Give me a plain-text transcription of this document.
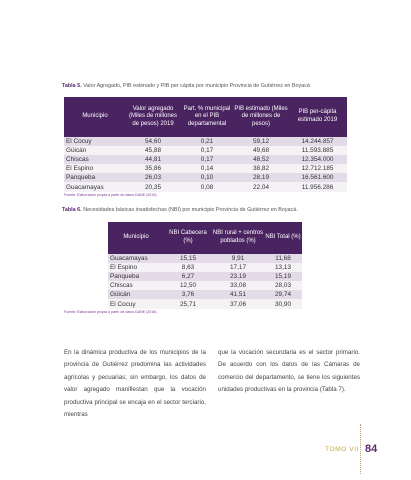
Tabla 5. Valor Agregado, PIB estimado y PIB per cápita por municipio Provincia de Gutiérrez en Boyacá
Municipio	Valor agregado (Miles de millones de pesos) 2019	Part. % municipal en el PIB departamental	PIB estimado (Miles de millones de pesos)	PIB per-cápita estimado 2019
El Cocuy	54,60	0,21	59,12	14.244.857
Güicán	45,88	0,17	49,68	11.593.885
Chiscas	44,81	0,17	48,52	12.354.000
El Espino	35,86	0,14	38,82	12.712.185
Panqueba	26,03	0,10	28,19	16.561.600
Guacamayas	20,35	0,08	22,04	11.956.286
Fuente: Elaboración propia a partir de datos DANE (2019).
Tabla 6. Necesidades básicas insatisfechas (NBI) por municipio Provincia de Gutiérrez en Boyacá.
Municipio	NBI Cabecera (%)	NBI rural + centros poblados (%)	NBI Total (%)
Guacamayas	15,15	9,91	11,68
El Espino	8,63	17,17	13,13
Panqueba	6,27	23,19	15,19
Chiscas	12,50	33,08	28,03
Güicán	3,76	41,51	29,74
El Cocuy	25,71	37,06	30,90
Fuente: Elaboración propia a partir de datos DANE (2018).
En la dinámica productiva de los municipios de la provincia de Gutiérrez predomina las actividades agrícolas y pecuarias; sin embargo, los datos de valor agregado manifiestan que la vocación productiva principal se encaja en el sector terciario, mientras
que la vocación secundaria es el sector primario. De acuerdo con los datos de las Cámaras de comercio del departamento, se tiene los siguientes unidades productivas en la provincia (Tabla 7).
TOMO VII 84
